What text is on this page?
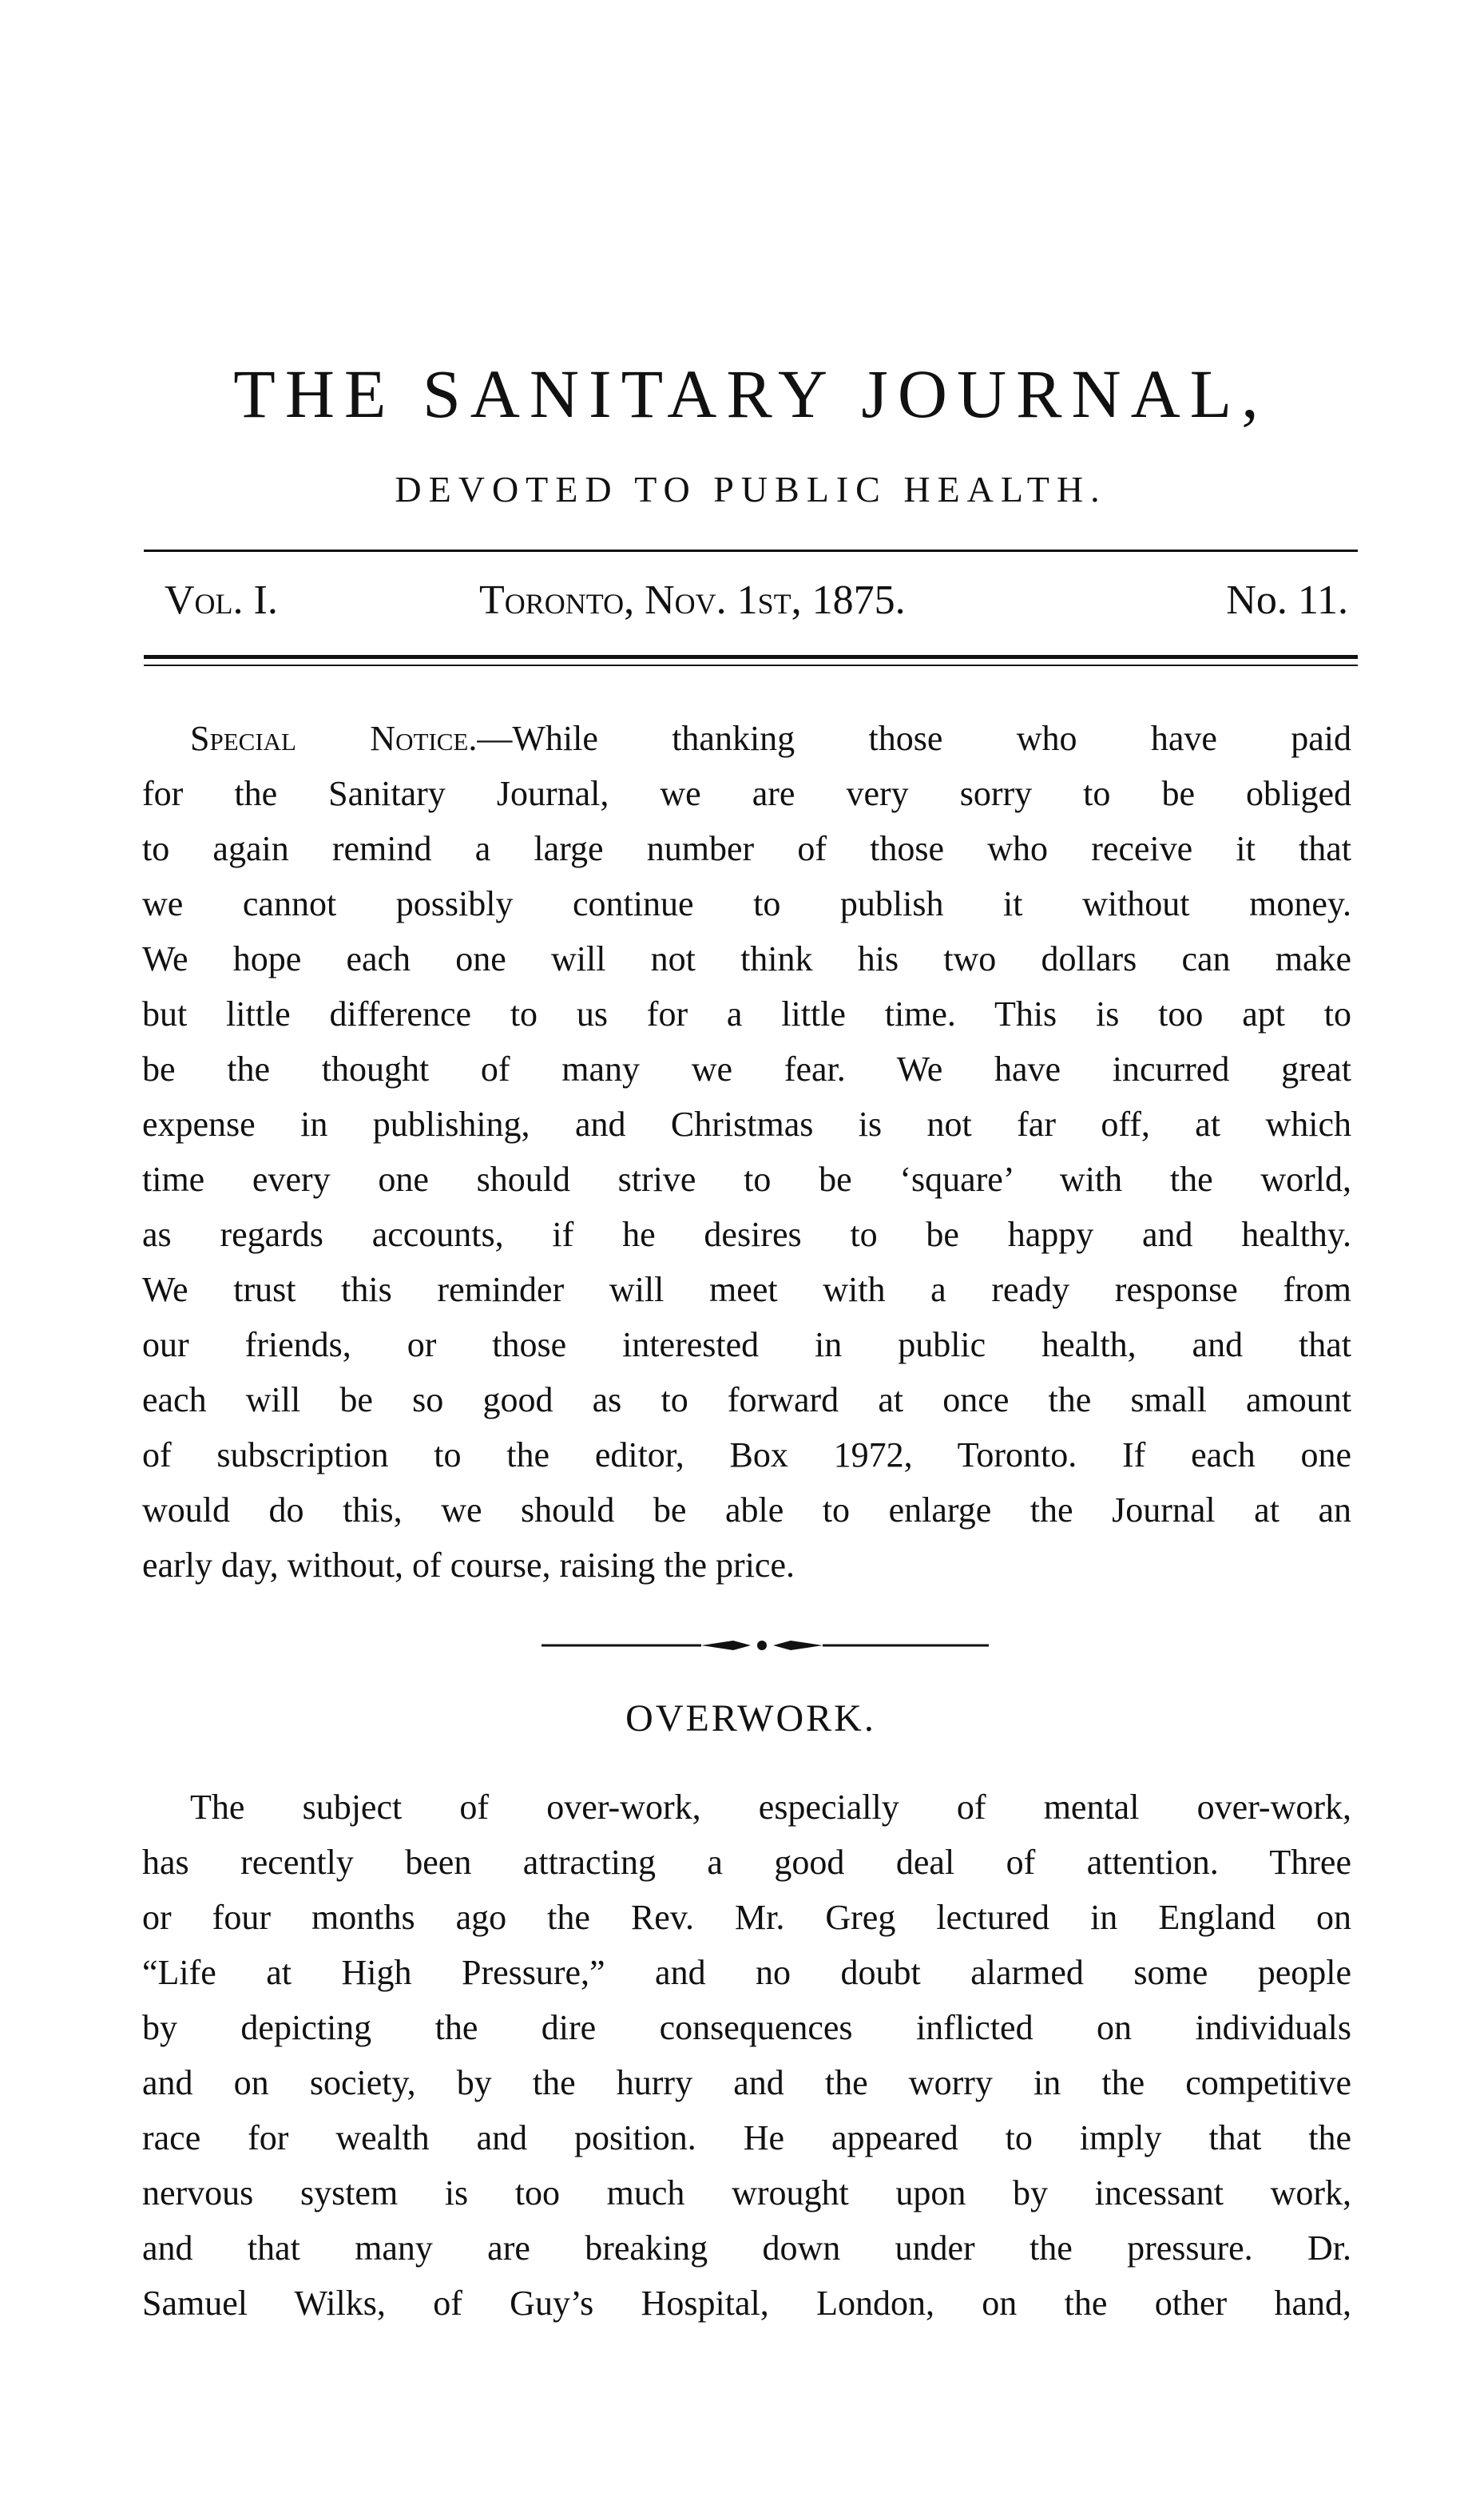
THE SANITARY JOURNAL,
DEVOTED TO PUBLIC HEALTH.
Vol. I.	Toronto, Nov. 1st, 1875.	No. 11.
Special Notice.—While thanking those who have paid
for the Sanitary Journal, we are very sorry to be obliged
to again remind a large number of those who receive it that
we cannot possibly continue to publish it without money.
We hope each one will not think his two dollars can make
but little difference to us for a little time. This is too apt to
be the thought of many we fear. We have incurred great
expense in publishing, and Christmas is not far off, at which
time every one should strive to be ‘square’ with the world,
as regards accounts, if he desires to be happy and healthy.
We trust this reminder will meet with a ready response from
our friends, or those interested in public health, and that
each will be so good as to forward at once the small amount
of subscription to the editor, Box 1972, Toronto. If each one
would do this, we should be able to enlarge the Journal at an
early day, without, of course, raising the price.
OVERWORK.
The subject of over-work, especially of mental over-work,
has recently been attracting a good deal of attention. Three
or four months ago the Rev. Mr. Greg lectured in England on
“Life at High Pressure,” and no doubt alarmed some people
by depicting the dire consequences inflicted on individuals
and on society, by the hurry and the worry in the competitive
race for wealth and position. He appeared to imply that the
nervous system is too much wrought upon by incessant work,
and that many are breaking down under the pressure. Dr.
Samuel Wilks, of Guy’s Hospital, London, on the other hand,
